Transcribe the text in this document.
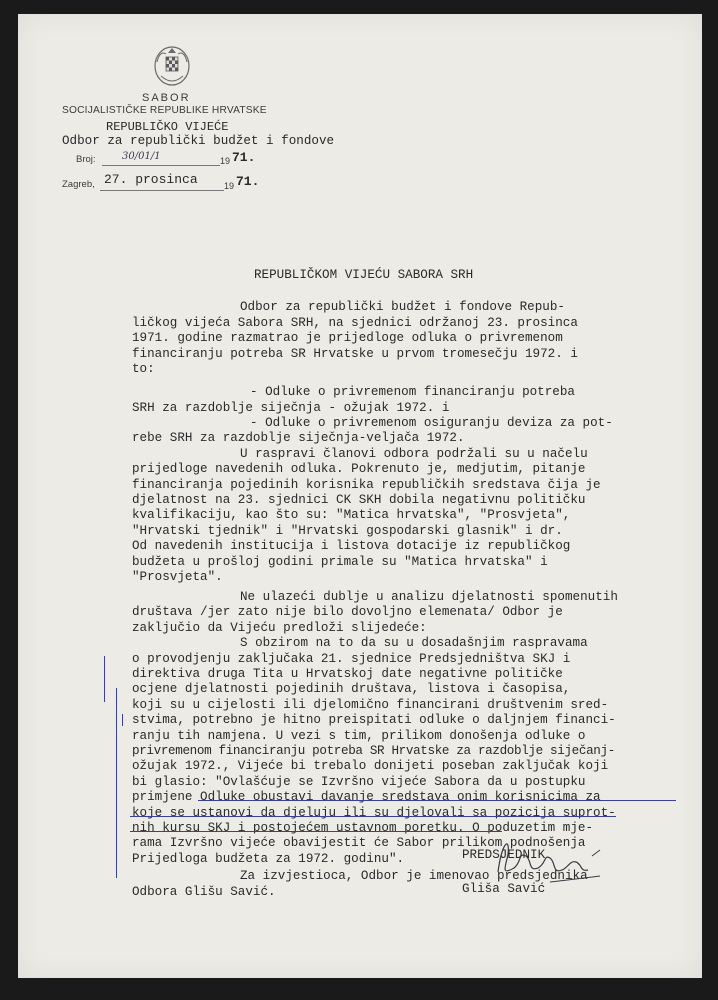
SABOR
SOCIJALISTIČKE REPUBLIKE HRVATSKE
REPUBLIČKO VIJEĆE
Odbor za republički budžet i fondove
Broj:	30/01/1	19 71.
Zagreb, 27. prosinca	19 71.
REPUBLIČKOM VIJEĆU SABORA SRH
Odbor za republički budžet i fondove Repub-
ličkog vijeća Sabora SRH, na sjednici održanoj 23. prosinca
1971. godine razmatrao je prijedloge odluka o privremenom
financiranju potreba SR Hrvatske u prvom tromesečju 1972. i
to:
- Odluke o privremenom financiranju potreba
SRH za razdoblje siječnja - ožujak 1972. i
- Odluke o privremenom osiguranju deviza za pot-
rebe SRH za razdoblje siječnja-veljača 1972.
U raspravi članovi odbora podržali su u načelu
prijedloge navedenih odluka. Pokrenuto je, medjutim, pitanje
financiranja pojedinih korisnika republičkih sredstava čija je
djelatnost na 23. sjednici CK SKH dobila negativnu političku
kvalifikaciju, kao što su: "Matica hrvatska", "Prosvjeta",
"Hrvatski tjednik" i "Hrvatski gospodarski glasnik" i dr.
Od navedenih institucija i listova dotacije iz republičkog
budžeta u prošloj godini primale su "Matica hrvatska" i
"Prosvjeta".
Ne ulazeći dublje u analizu djelatnosti spomenutih
društava /jer zato nije bilo dovoljno elemenata/ Odbor je
zaključio da Vijeću predloži slijedeće:
S obzirom na to da su u dosadašnjim raspravama
o provodjenju zaključaka 21. sjednice Predsjedništva SKJ i
direktiva druga Tita u Hrvatskoj date negativne političke
ocjene djelatnosti pojedinih društava, listova i časopisa,
koji su u cijelosti ili djelomično financirani društvenim sred-
stvima, potrebno je hitno preispitati odluke o daljnjem financi-
ranju tih namjena. U vezi s tim, prilikom donošenja odluke o
privremenom financiranju potreba SR Hrvatske za razdoblje siječanj-
ožujak 1972., Vijeće bi trebalo donijeti poseban zaključak koji
bi glasio: "Ovlašćuje se Izvršno vijeće Sabora da u postupku
primjene Odluke obustavi davanje sredstava onim korisnicima za
koje se ustanovi da djeluju ili su djelovali sa pozicija suprot-
nih kursu SKJ i postojećem ustavnom poretku. O poduzetim mje-
rama Izvršno vijeće obavijestit će Sabor prilikom podnošenja
Prijedloga budžeta za 1972. godinu".
Za izvjestioca, Odbor je imenovao predsjednika
Odbora Glišu Savić.
PREDSJEDNIK
Gliša Savić
